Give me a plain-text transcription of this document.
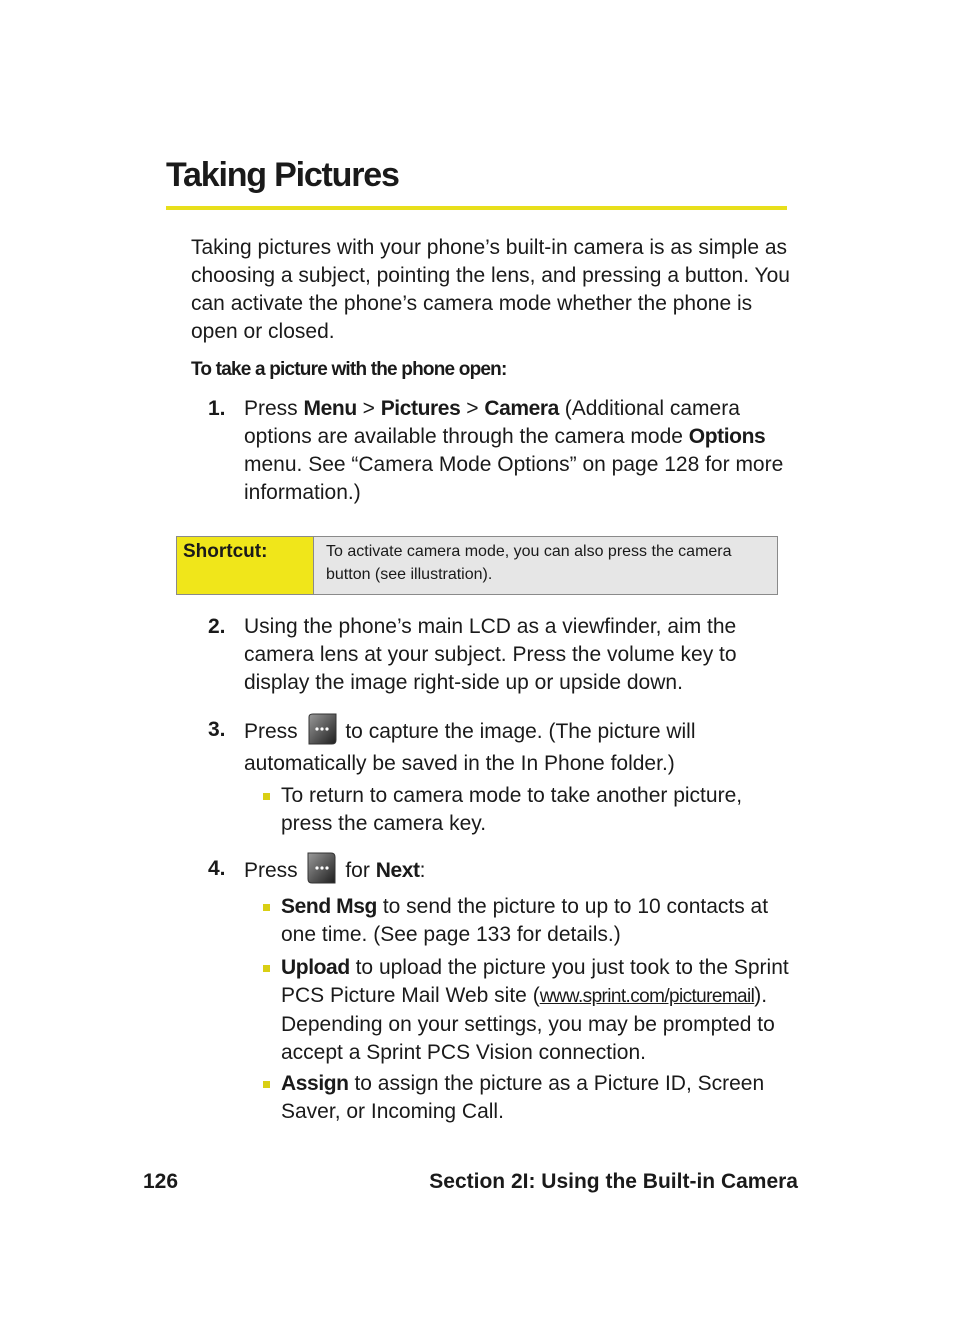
Taking Pictures

Taking pictures with your phone’s built-in camera is as simple as choosing a subject, pointing the lens, and pressing a button. You can activate the phone’s camera mode whether the phone is open or closed.

To take a picture with the phone open:

1. Press Menu > Pictures > Camera (Additional camera options are available through the camera mode Options menu. See “Camera Mode Options” on page 128 for more information.)
Shortcut:	To activate camera mode, you can also press the camera button (see illustration).
2. Using the phone’s main LCD as a viewfinder, aim the camera lens at your subject. Press the volume key to display the image right-side up or upside down.
3. Press  to capture the image. (The picture will automatically be saved in the In Phone folder.)
To return to camera mode to take another picture, press the camera key.
4. Press  for Next:
Send Msg to send the picture to up to 10 contacts at one time. (See page 133 for details.)
Upload to upload the picture you just took to the Sprint PCS Picture Mail Web site (www.sprint.com/picturemail). Depending on your settings, you may be prompted to accept a Sprint PCS Vision connection.
Assign to assign the picture as a Picture ID, Screen Saver, or Incoming Call.
126	Section 2I: Using the Built-in Camera
